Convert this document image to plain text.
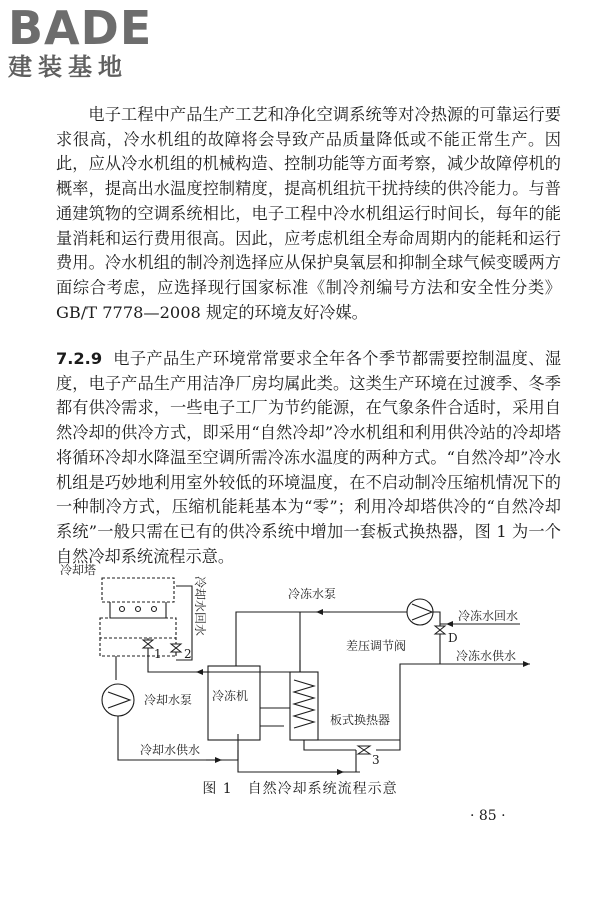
BADE
建装基地
电子工程中产品生产工艺和净化空调系统等对冷热源的可靠运行要求很高，冷水机组的故障将会导致产品质量降低或不能正常生产。因此，应从冷水机组的机械构造、控制功能等方面考察，减少故障停机的概率，提高出水温度控制精度，提高机组抗干扰持续的供冷能力。与普通建筑物的空调系统相比，电子工程中冷水机组运行时间长，每年的能量消耗和运行费用很高。因此，应考虑机组全寿命周期内的能耗和运行费用。冷水机组的制冷剂选择应从保护臭氧层和抑制全球气候变暖两方面综合考虑，应选择现行国家标准《制冷剂编号方法和安全性分类》GB/T 7778—2008 规定的环境友好冷媒。
7.2.9 电子产品生产环境常常要求全年各个季节都需要控制温度、湿度，电子产品生产用洁净厂房均属此类。这类生产环境在过渡季、冬季都有供冷需求，一些电子工厂为节约能源，在气象条件合适时，采用自然冷却的供冷方式，即采用“自然冷却”冷水机组和利用供冷站的冷却塔将循环冷却水降温至空调所需冷冻水温度的两种方式。“自然冷却”冷水机组是巧妙地利用室外较低的环境温度，在不启动制冷压缩机情况下的一种制冷方式，压缩机能耗基本为“零”；利用冷却塔供冷的“自然冷却系统”一般只需在已有的供冷系统中增加一套板式换热器，图 1 为一个自然冷却系统流程示意。
冷却塔
冷却水回水
1 2
3
D
冷冻水泵
冷冻水回水
差压调节阀
冷冻水供水
冷却水泵 冷冻机
板式换热器
冷却水供水
图 1　自然冷却系统流程示意
· 85 ·
